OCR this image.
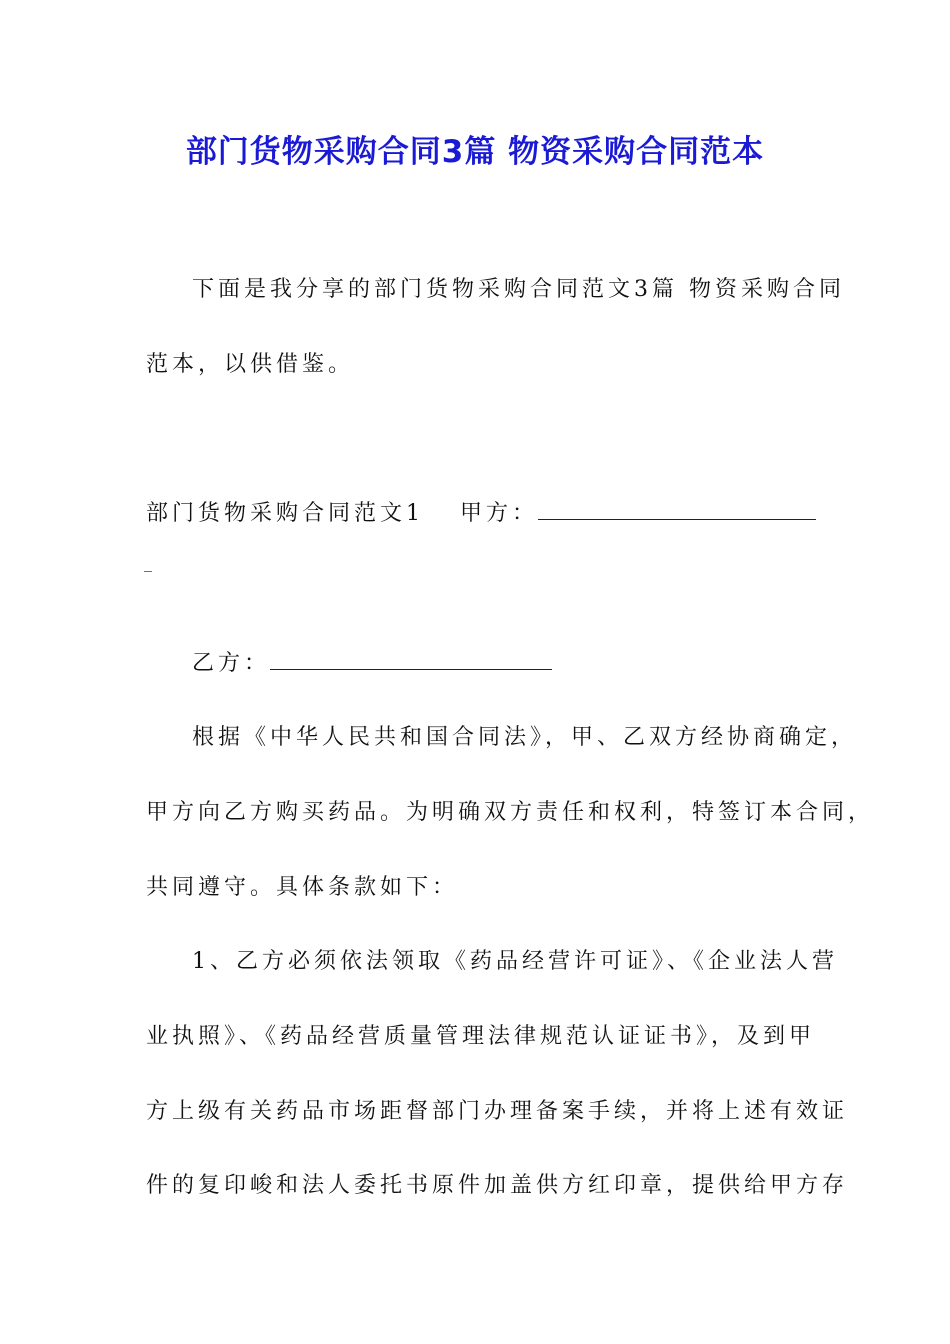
部门货物采购合同3篇 物资采购合同范本

下面是我分享的部门货物采购合同范文3篇 物资采购合同

范本，以供借鉴。

部门货物采购合同范文1 甲方：

_

乙方：

根据《中华人民共和国合同法》，甲、乙双方经协商确定，

甲方向乙方购买药品。为明确双方责任和权利，特签订本合同，

共同遵守。具体条款如下：

1、乙方必须依法领取《药品经营许可证》、《企业法人营

业执照》、《药品经营质量管理法律规范认证证书》，及到甲

方上级有关药品市场距督部门办理备案手续，并将上述有效证

件的复印峻和法人委托书原件加盖供方红印章，提供给甲方存
